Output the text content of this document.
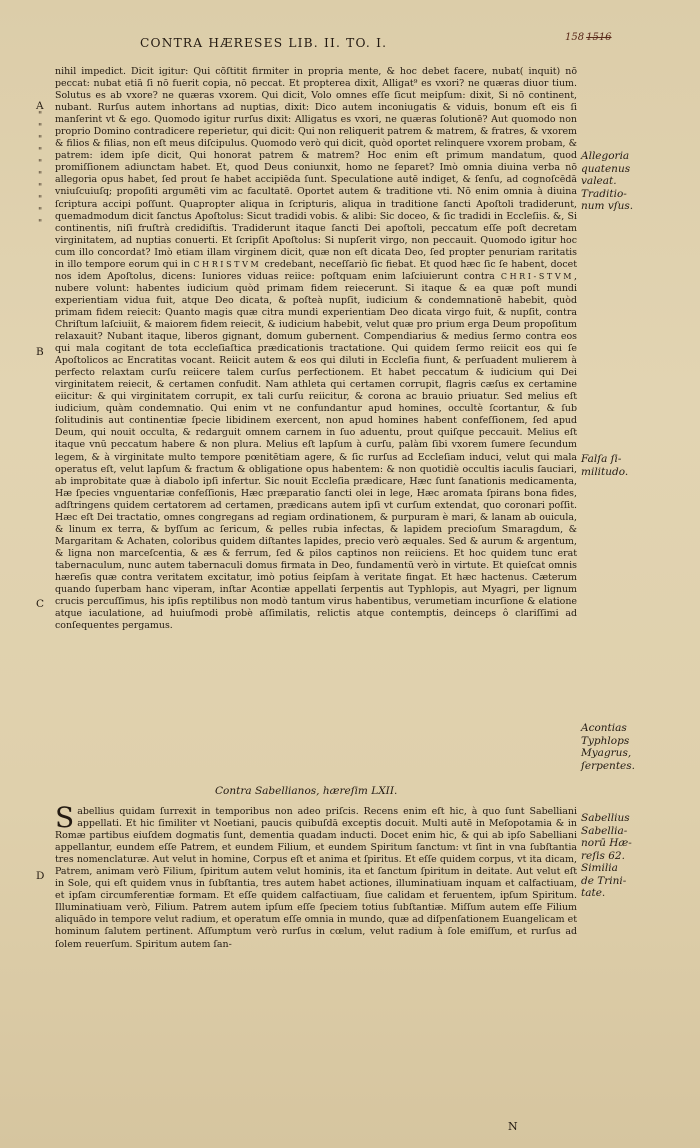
CONTRA HÆRESES LIB. II. TO. I.	158 1516
A
B
C
D
"
"
"
"
"
"
"
"
"
"
nihil impedict. Dicit igitur: Qui cōſtitit firmiter in propria mente, & hoc debet facere, nubat( inquit) nō peccat: nubat etiā ſi nō fuerit copia, nō peccat. Et propterea dixit, Alligat⁹ es vxori? ne quæras diuor tium. Solutus es ab vxore? ne quæras vxorem. Qui dicit, Volo omnes eſſe ſicut meipſum: dixit, Si nō continent, nubant. Rurſus autem inhortans ad nuptias, dixit: Dico autem inconiugatis & viduis, bonum eſt eis ſi manſerint vt & ego. Quomodo igitur rurſus dixit: Alligatus es vxori, ne quæras ſolutionē? Aut quomodo non proprio Domino contradicere reperietur, qui dicit: Qui non reliquerit patrem & matrem, & fratres, & vxorem & filios & filias, non eſt meus diſcipulus. Quomodo verò qui dicit, quòd oportet relinquere vxorem probam, & patrem: idem ipſe dicit, Qui honorat patrem & matrem? Hoc enim eſt primum mandatum, quod promiſſionem adiunctam habet. Et, quod Deus coniunxit, homo ne ſeparet? Imò omnia diuina verba nō allegoria opus habet, ſed prout ſe habet accipiēda ſunt. Speculatione autē indiget, & ſenſu, ad cognoſcēdā vniuſcuiuſq; propoſiti argumēti vim ac facultatē. Oportet autem & traditione vti. Nō enim omnia à diuina ſcriptura accipi poſſunt. Quapropter aliqua in ſcripturis, aliqua in traditione ſancti Apoſtoli tradiderunt, quemadmodum dicit ſanctus Apoſtolus: Sicut tradidi vobis. & alibi: Sic doceo, & ſic tradidi in Eccleſiis. &, Si continentis, niſi fruſtrà credidiſtis. Tradiderunt itaque ſancti Dei apoſtoli, peccatum eſſe poſt decretam virginitatem, ad nuptias conuerti. Et ſcripſit Apoſtolus: Si nupſerit virgo, non peccauit. Quomodo igitur hoc cum illo concordat? Imò etiam illam virginem dicit, quæ non eſt dicata Deo, ſed propter penuriam raritatis in illo tempore eorum qui in CHRISTVM credebant, neceſſariò ſic fiebat. Et quod hæc ſic ſe habent, docet nos idem Apoſtolus, dicens: Iuniores viduas reiice: poſtquam enim laſciuierunt contra CHRI-STVM, nubere volunt: habentes iudicium quòd primam fidem reiecerunt. Si itaque & ea quæ poſt mundi experientiam vidua fuit, atque Deo dicata, & poſteà nupſit, iudicium & condemnationē habebit, quòd primam fidem reiecit: Quanto magis quæ citra mundi experientiam Deo dicata virgo fuit, & nupſit, contra Chriſtum laſciuiit, & maiorem fidem reiecit, & iudicium habebit, velut quæ pro prium erga Deum propoſitum relaxauit? Nubant itaque, liberos gignant, domum gubernent. Compendiarius & medius ſermo contra eos qui mala cogitant de tota eccleſiaſtica prædicationis tractatione. Qui quidem ſermo reiicit eos qui ſe Apoſtolicos ac Encratitas vocant. Reiicit autem & eos qui diluti in Eccleſia fiunt, & perſuadent mulierem à perfecto relaxtam curſu reiicere talem curſus perfectionem. Et habet peccatum & iudicium qui Dei virginitatem reiecit, & certamen confudit. Nam athleta qui certamen corrupit, flagris cæſus ex certamine eiicitur: & qui virginitatem corrupit, ex tali curſu reiicitur, & corona ac brauio priuatur. Sed melius eſt iudicium, quàm condemnatio. Qui enim vt ne confundantur apud homines, occultè ſcortantur, & ſub ſolitudinis aut continentiæ ſpecie libidinem exercent, non apud homines habent confeſſionem, ſed apud Deum, qui nouit occulta, & redarguit omnem carnem in ſuo aduentu, prout quiſque peccauit. Melius eſt itaque vnū peccatum habere & non plura. Melius eſt lapſum à curſu, palàm ſibi vxorem ſumere ſecundum legem, & à virginitate multo tempore pœnitētiam agere, & ſic rurſus ad Eccleſiam induci, velut qui mala operatus eſt, velut lapſum & fractum & obligatione opus habentem: & non quotidiè occultis iaculis ſauciari, ab improbitate quæ à diabolo ipſi infertur. Sic nouit Eccleſia prædicare, Hæc ſunt ſanationis medicamenta, Hæ ſpecies vnguentariæ confeſſionis, Hæc præparatio ſancti olei in lege, Hæc aromata ſpirans bona fides, adſtringens quidem certatorem ad certamen, prædicans autem ipſi vt curſum extendat, quo coronari poſſit. Hæc eſt Dei tractatio, omnes congregans ad regiam ordinationem, & purpuram è mari, & lanam ab ouicula, & linum ex terra, & byſſum ac ſericum, & pelles rubia infectas, & lapidem precioſum Smaragdum, & Margaritam & Achaten, coloribus quidem diſtantes lapides, precio verò æquales. Sed & aurum & argentum, & ligna non marceſcentia, & æs & ferrum, ſed & pilos captinos non reiiciens. Et hoc quidem tunc erat tabernaculum, nunc autem tabernaculi domus firmata in Deo, fundamentū verò in virtute. Et quieſcat omnis hæreſis quæ contra veritatem excitatur, imò potius ſeipſam à veritate fingat. Et hæc hactenus. Cæterum quando ſuperbam hanc viperam, inſtar Acontiæ appellati ſerpentis aut Typhlopis, aut Myagri, per lignum crucis percuſſimus, his ipſis reptilibus non modò tantum virus habentibus, verumetiam incurſione & elatione atque iaculatione, ad huiuſmodi probè aſſimilatis, relictis atque contemptis, deinceps ô clariſſimi ad conſequentes pergamus.
Allegoria
quatenus
valeat.
Traditio-
num vſus.
Falſa ſi-
militudo.
Acontias
Typhlops
Myagrus,
ſerpentes.
Contra Sabellianos, hæreſim LXII.
Sabellius quidam ſurrexit in temporibus non adeo priſcis. Recens enim eſt hic, à quo ſunt Sabelliani appellati. Et hic ſimiliter vt Noetiani, paucis quibuſdā exceptis docuit. Multi autē in Meſopotamia & in Romæ partibus eiuſdem dogmatis ſunt, dementia quadam inducti. Docet enim hic, & qui ab ipſo Sabelliani appellantur, eundem eſſe Patrem, et eundem Filium, et eundem Spiritum ſanctum: vt ſint in vna ſubſtantia tres nomenclaturæ. Aut velut in homine, Corpus eſt et anima et ſpiritus. Et eſſe quidem corpus, vt ita dicam, Patrem, animam verò Filium, ſpiritum autem velut hominis, ita et ſanctum ſpiritum in deitate. Aut velut eſt in Sole, qui eſt quidem vnus in ſubſtantia, tres autem habet actiones, illuminatiuam inquam et calfactiuam, et ipſam circumferentiæ formam. Et eſſe quidem calfactiuam, ſiue calidam et feruentem, ipſum Spiritum. Illuminatiuam verò, Filium. Patrem autem ipſum eſſe ſpeciem totius ſubſtantiæ. Miſſum autem eſſe Filium aliquādo in tempore velut radium, et operatum eſſe omnia in mundo, quæ ad diſpenſationem Euangelicam et hominum ſalutem pertinent. Aſſumptum verò rurſus in cœlum, velut radium à ſole emiſſum, et rurſus ad ſolem reuerſum. Spiritum autem ſan-
Sabellius
Sabellia-
norū Hæ-
reſis 62.
Similia
de Trini-
tate.
N
